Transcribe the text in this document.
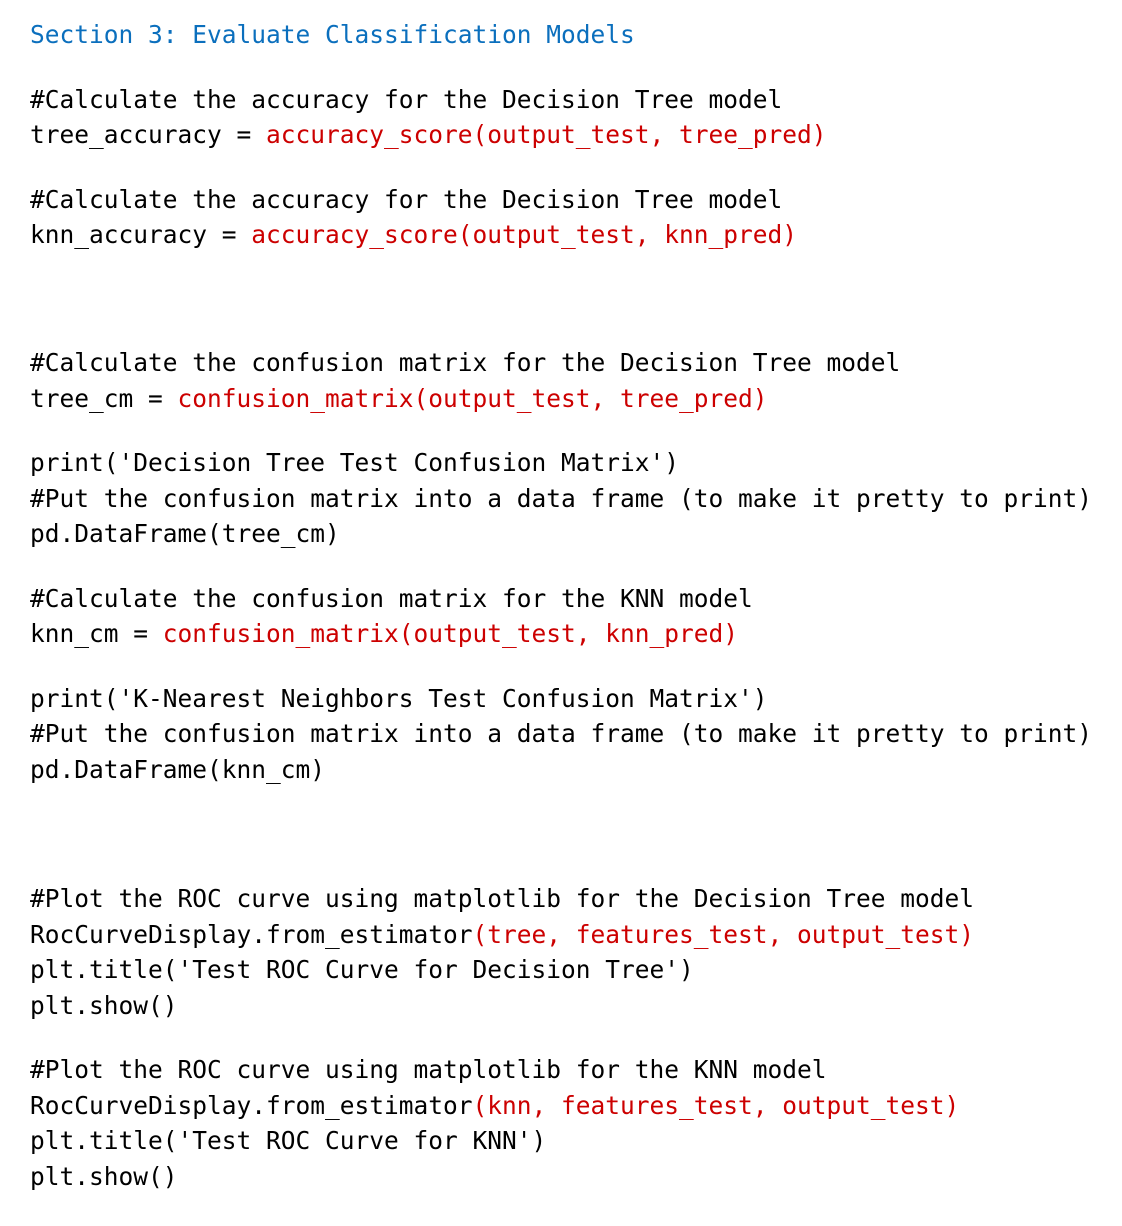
Section 3: Evaluate Classification Models
#Calculate the accuracy for the Decision Tree model
tree_accuracy = accuracy_score(output_test, tree_pred)
#Calculate the accuracy for the Decision Tree model
knn_accuracy = accuracy_score(output_test, knn_pred)
#Calculate the confusion matrix for the Decision Tree model
tree_cm = confusion_matrix(output_test, tree_pred)
print('Decision Tree Test Confusion Matrix')
#Put the confusion matrix into a data frame (to make it pretty to print)
pd.DataFrame(tree_cm)
#Calculate the confusion matrix for the KNN model
knn_cm = confusion_matrix(output_test, knn_pred)
print('K-Nearest Neighbors Test Confusion Matrix')
#Put the confusion matrix into a data frame (to make it pretty to print)
pd.DataFrame(knn_cm)
#Plot the ROC curve using matplotlib for the Decision Tree model
RocCurveDisplay.from_estimator(tree, features_test, output_test)
plt.title('Test ROC Curve for Decision Tree')
plt.show()
#Plot the ROC curve using matplotlib for the KNN model
RocCurveDisplay.from_estimator(knn, features_test, output_test)
plt.title('Test ROC Curve for KNN')
plt.show()
